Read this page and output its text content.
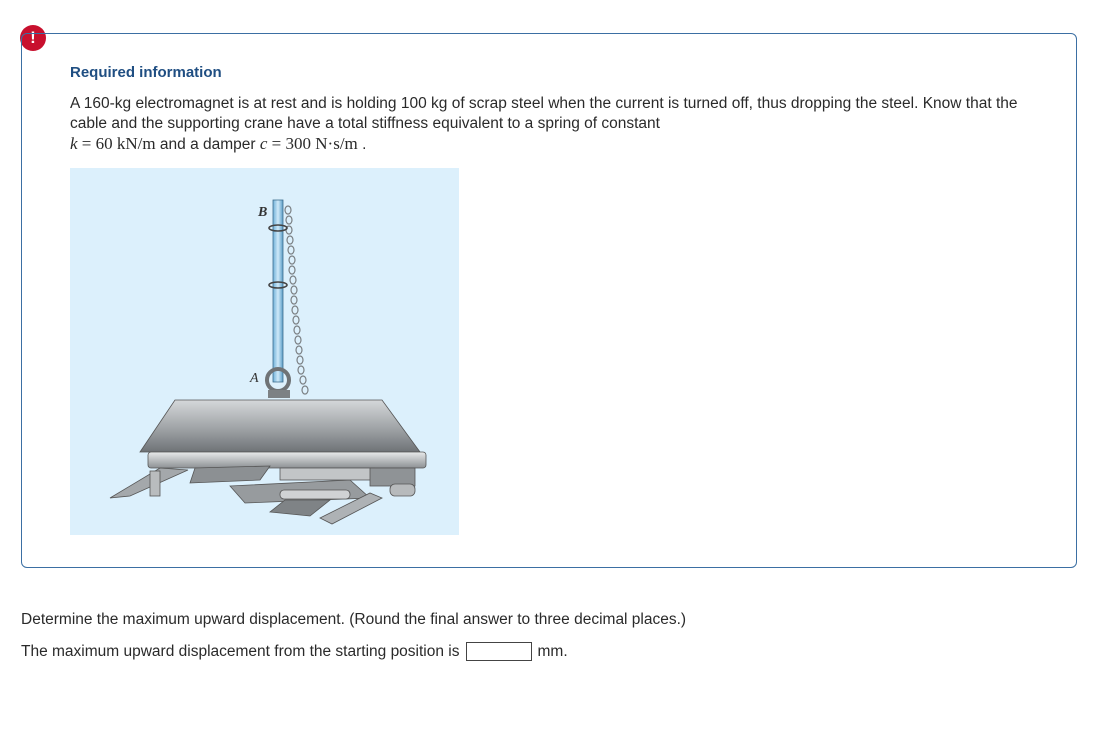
!
Required information

A 160-kg electromagnet is at rest and is holding 100 kg of scrap steel when the current is turned off, thus dropping the steel. Know that the cable and the supporting crane have a total stiffness equivalent to a spring of constant
k = 60 kN/m and a damper c = 300 N·s/m .

B
A

Determine the maximum upward displacement. (Round the final answer to three decimal places.)

The maximum upward displacement from the starting position is	mm.
